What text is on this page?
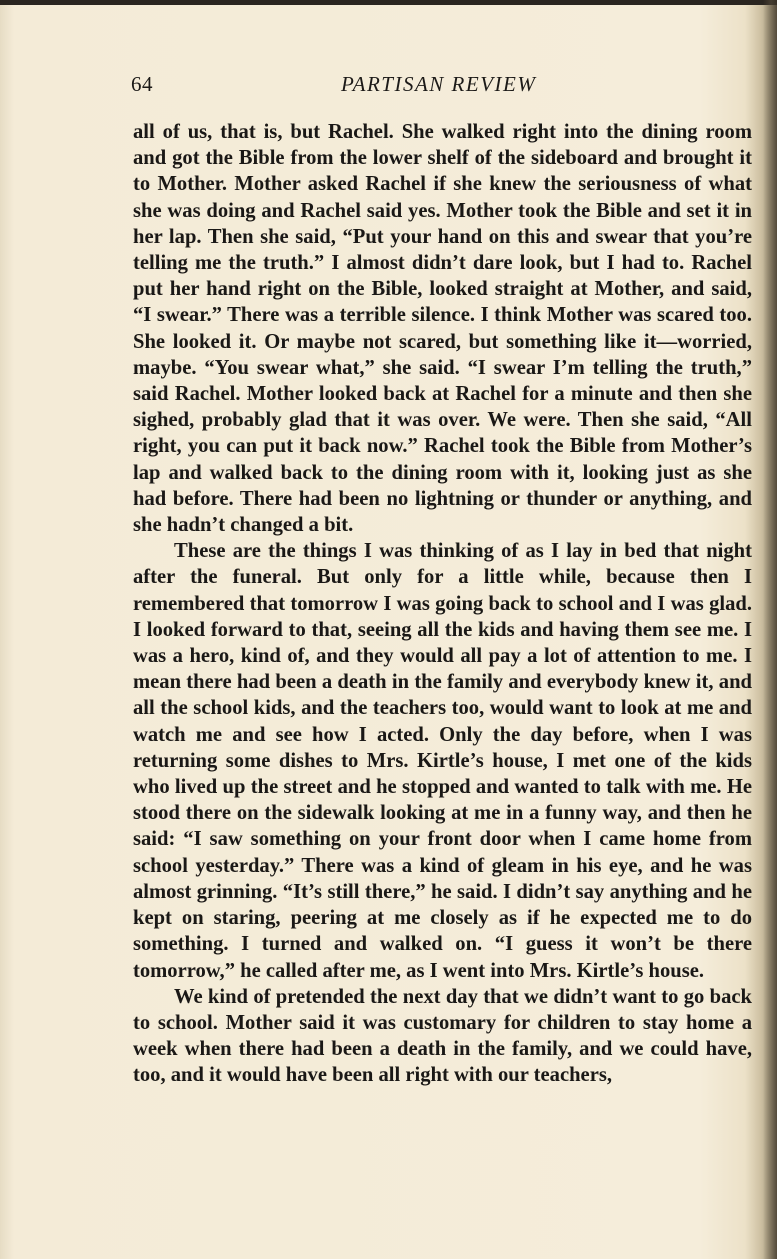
64	PARTISAN REVIEW

all of us, that is, but Rachel. She walked right into the dining room and got the Bible from the lower shelf of the sideboard and brought it to Mother. Mother asked Rachel if she knew the seriousness of what she was doing and Rachel said yes. Mother took the Bible and set it in her lap. Then she said, “Put your hand on this and swear that you’re telling me the truth.” I almost didn’t dare look, but I had to. Rachel put her hand right on the Bible, looked straight at Mother, and said, “I swear.” There was a terrible silence. I think Mother was scared too. She looked it. Or maybe not scared, but something like it—worried, maybe. “You swear what,” she said. “I swear I’m telling the truth,” said Rachel. Mother looked back at Rachel for a minute and then she sighed, probably glad that it was over. We were. Then she said, “All right, you can put it back now.” Rachel took the Bible from Mother’s lap and walked back to the dining room with it, looking just as she had before. There had been no lightning or thunder or anything, and she hadn’t changed a bit.

These are the things I was thinking of as I lay in bed that night after the funeral. But only for a little while, because then I remembered that tomorrow I was going back to school and I was glad. I looked forward to that, seeing all the kids and having them see me. I was a hero, kind of, and they would all pay a lot of attention to me. I mean there had been a death in the family and everybody knew it, and all the school kids, and the teachers too, would want to look at me and watch me and see how I acted. Only the day before, when I was returning some dishes to Mrs. Kirtle’s house, I met one of the kids who lived up the street and he stopped and wanted to talk with me. He stood there on the sidewalk looking at me in a funny way, and then he said: “I saw something on your front door when I came home from school yesterday.” There was a kind of gleam in his eye, and he was almost grinning. “It’s still there,” he said. I didn’t say anything and he kept on staring, peering at me closely as if he expected me to do something. I turned and walked on. “I guess it won’t be there tomorrow,” he called after me, as I went into Mrs. Kirtle’s house.

We kind of pretended the next day that we didn’t want to go back to school. Mother said it was customary for children to stay home a week when there had been a death in the family, and we could have, too, and it would have been all right with our teachers,
